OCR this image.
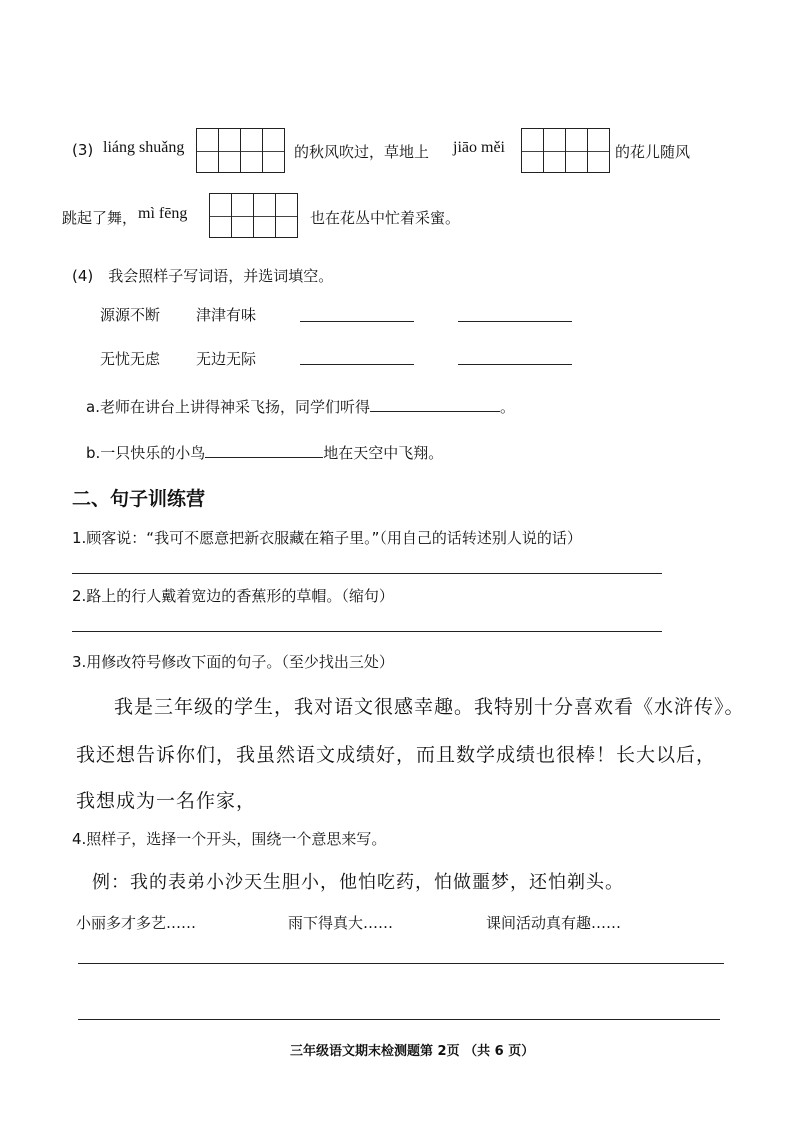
(3) liáng shuǎng	的秋风吹过，草地上 jiāo měi	的花儿随风
跳起了舞， mì fēng	也在花丛中忙着采蜜。
(4)　我会照样子写词语，并选词填空。
源源不断 津津有味
无忧无虑 无边无际
a.老师在讲台上讲得神采飞扬，同学们听得	。
b.一只快乐的小鸟	地在天空中飞翔。
二、句子训练营
1.顾客说：“我可不愿意把新衣服藏在箱子里。”（用自己的话转述别人说的话）
2.路上的行人戴着宽边的香蕉形的草帽。（缩句）
3.用修改符号修改下面的句子。（至少找出三处）
我是三年级的学生，我对语文很感幸趣。我特别十分喜欢看《水浒传》。
我还想告诉你们，我虽然语文成绩好，而且数学成绩也很棒！长大以后，
我想成为一名作家，
4.照样子，选择一个开头，围绕一个意思来写。
例：我的表弟小沙天生胆小，他怕吃药，怕做噩梦，还怕剃头。
小丽多才多艺……	雨下得真大……	课间活动真有趣……
三年级语文期末检测题第 2页 （共 6 页）
